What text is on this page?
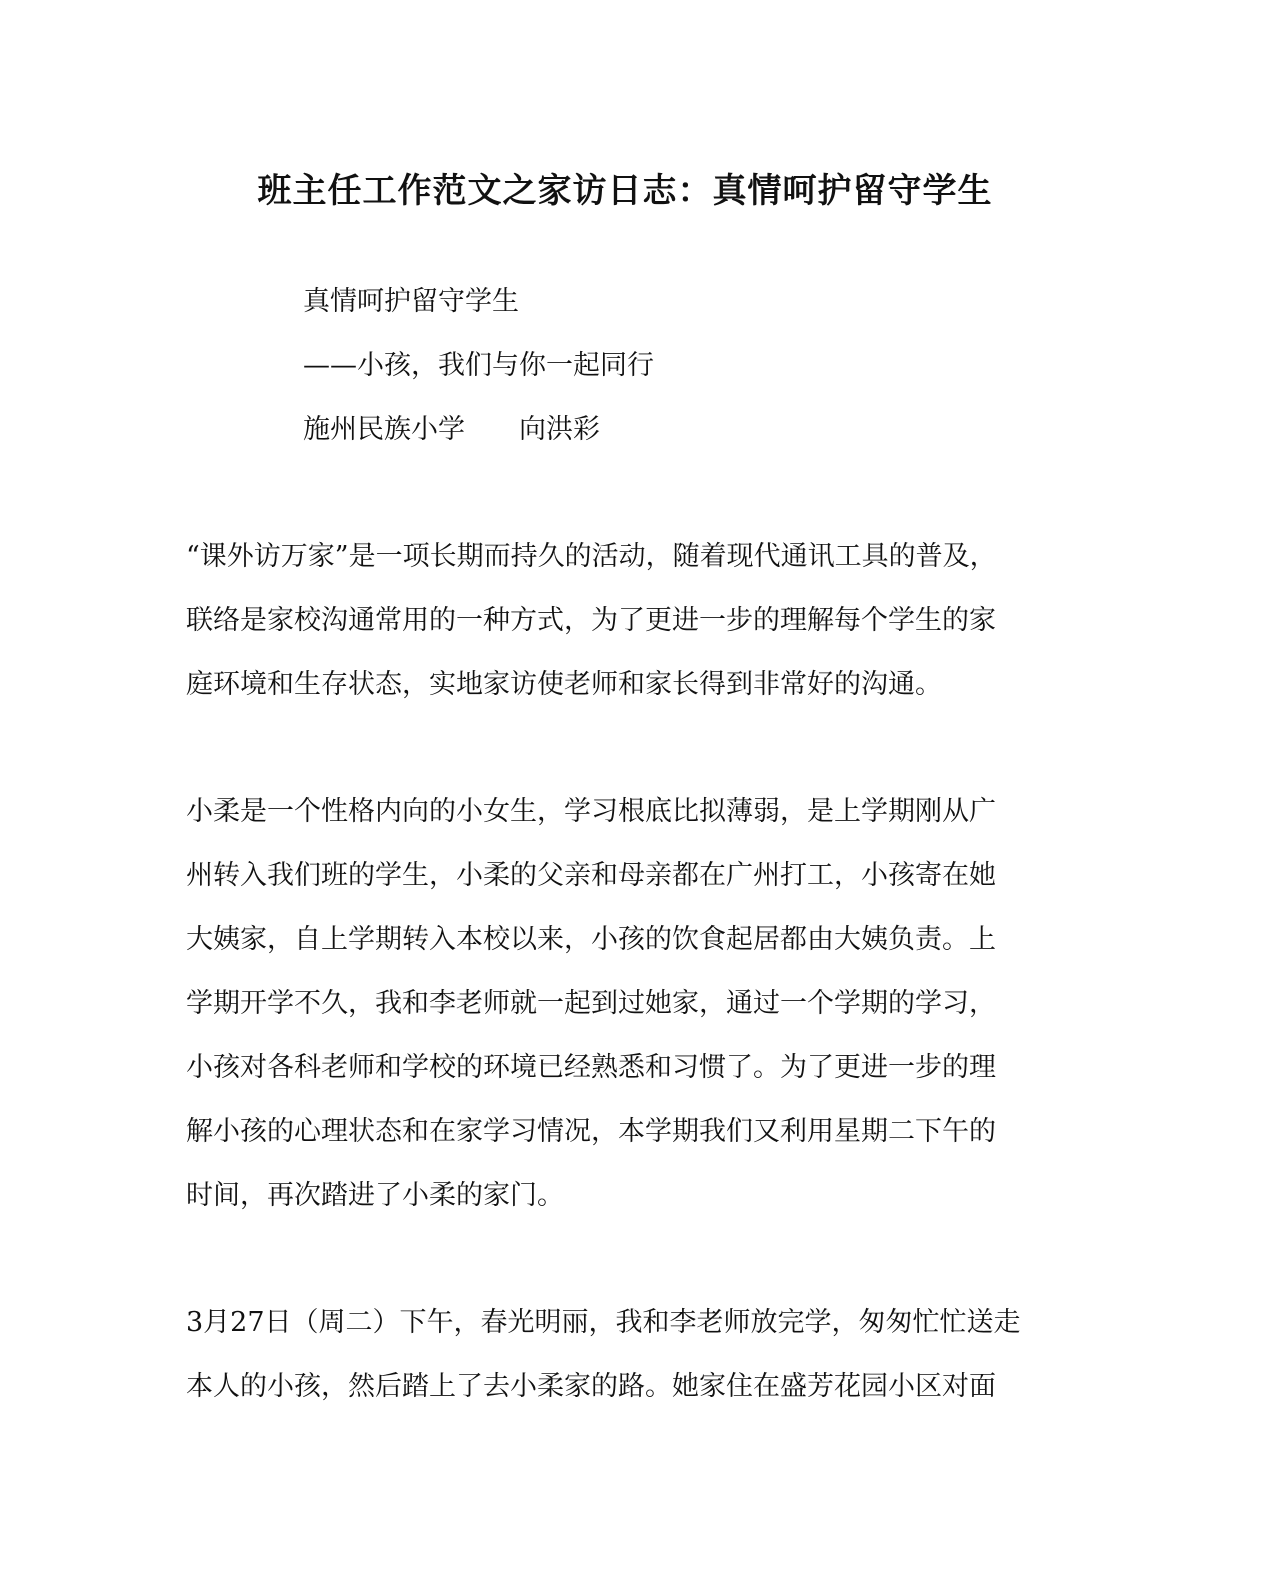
班主任工作范文之家访日志：真情呵护留守学生
真情呵护留守学生
——小孩，我们与你一起同行
施州民族小学　　向洪彩
“课外访万家”是一项长期而持久的活动，随着现代通讯工具的普及，
联络是家校沟通常用的一种方式，为了更进一步的理解每个学生的家
庭环境和生存状态，实地家访使老师和家长得到非常好的沟通。
小柔是一个性格内向的小女生，学习根底比拟薄弱，是上学期刚从广
州转入我们班的学生，小柔的父亲和母亲都在广州打工，小孩寄在她
大姨家，自上学期转入本校以来，小孩的饮食起居都由大姨负责。上
学期开学不久，我和李老师就一起到过她家，通过一个学期的学习，
小孩对各科老师和学校的环境已经熟悉和习惯了。为了更进一步的理
解小孩的心理状态和在家学习情况，本学期我们又利用星期二下午的
时间，再次踏进了小柔的家门。
3月27日（周二）下午，春光明丽，我和李老师放完学，匆匆忙忙送走
本人的小孩，然后踏上了去小柔家的路。她家住在盛芳花园小区对面
